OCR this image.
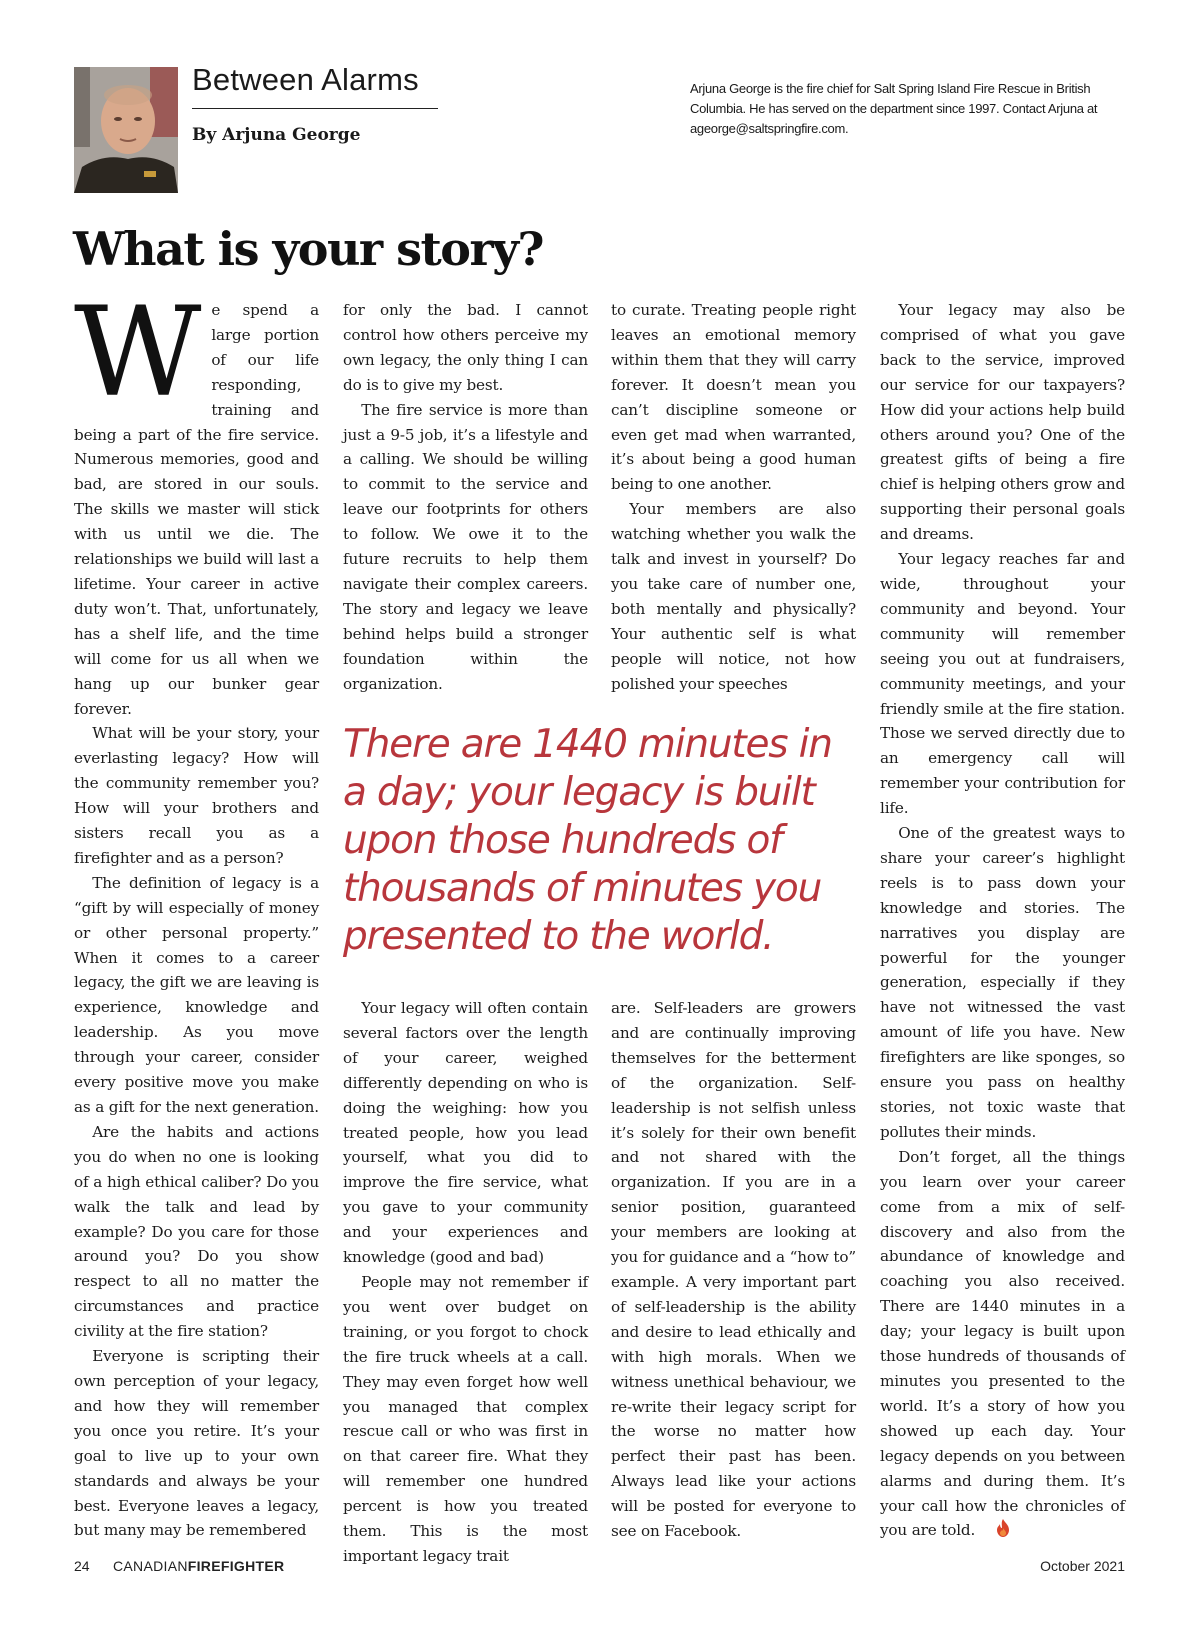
Between Alarms
By Arjuna George
Arjuna George is the fire chief for Salt Spring Island Fire Rescue in British Columbia. He has served on the department since 1997. Contact Arjuna at ageorge@saltspringfire.com.
What is your story?

We spend a large portion of our life responding, training and being a part of the fire service. Numerous memories, good and bad, are stored in our souls. The skills we master will stick with us until we die. The relationships we build will last a lifetime. Your career in active duty won’t. That, unfortunately, has a shelf life, and the time will come for us all when we hang up our bunker gear forever.

What will be your story, your everlasting legacy? How will the community remember you? How will your brothers and sisters recall you as a firefighter and as a person?

The definition of legacy is a “gift by will especially of money or other personal property.” When it comes to a career legacy, the gift we are leaving is experience, knowledge and leadership. As you move through your career, consider every positive move you make as a gift for the next generation.

Are the habits and actions you do when no one is looking of a high ethical caliber? Do you walk the talk and lead by example? Do you care for those around you? Do you show respect to all no matter the circumstances and practice civility at the fire station?

Everyone is scripting their own perception of your legacy, and how they will remember you once you retire. It’s your goal to live up to your own standards and always be your best. Everyone leaves a legacy, but many may be remembered

for only the bad. I cannot control how others perceive my own legacy, the only thing I can do is to give my best.

The fire service is more than just a 9-5 job, it’s a lifestyle and a calling. We should be willing to commit to the service and leave our footprints for others to follow. We owe it to the future recruits to help them navigate their complex careers. The story and legacy we leave behind helps build a stronger foundation within the organization.

to curate. Treating people right leaves an emotional memory within them that they will carry forever. It doesn’t mean you can’t discipline someone or even get mad when warranted, it’s about being a good human being to one another.

Your members are also watching whether you walk the talk and invest in yourself? Do you take care of number one, both mentally and physically? Your authentic self is what people will notice, not how polished your speeches

There are 1440 minutes in a day; your legacy is built upon those hundreds of thousands of minutes you presented to the world.

Your legacy will often contain several factors over the length of your career, weighed differently depending on who is doing the weighing: how you treated people, how you lead yourself, what you did to improve the fire service, what you gave to your community and your experiences and knowledge (good and bad)

People may not remember if you went over budget on training, or you forgot to chock the fire truck wheels at a call. They may even forget how well you managed that complex rescue call or who was first in on that career fire. What they will remember one hundred percent is how you treated them. This is the most important legacy trait

are. Self-leaders are growers and are continually improving themselves for the betterment of the organization. Self-leadership is not selfish unless it’s solely for their own benefit and not shared with the organization. If you are in a senior position, guaranteed your members are looking at you for guidance and a “how to” example. A very important part of self-leadership is the ability and desire to lead ethically and with high morals. When we witness unethical behaviour, we re-write their legacy script for the worse no matter how perfect their past has been. Always lead like your actions will be posted for everyone to see on Facebook.

Your legacy may also be comprised of what you gave back to the service, improved our service for our taxpayers? How did your actions help build others around you? One of the greatest gifts of being a fire chief is helping others grow and supporting their personal goals and dreams.

Your legacy reaches far and wide, throughout your community and beyond. Your community will remember seeing you out at fundraisers, community meetings, and your friendly smile at the fire station. Those we served directly due to an emergency call will remember your contribution for life.

One of the greatest ways to share your career’s highlight reels is to pass down your knowledge and stories. The narratives you display are powerful for the younger generation, especially if they have not witnessed the vast amount of life you have. New firefighters are like sponges, so ensure you pass on healthy stories, not toxic waste that pollutes their minds.

Don’t forget, all the things you learn over your career come from a mix of self-discovery and also from the abundance of knowledge and coaching you also received. There are 1440 minutes in a day; your legacy is built upon those hundreds of thousands of minutes you presented to the world. It’s a story of how you showed up each day. Your legacy depends on you between alarms and during them. It’s your call how the chronicles of you are told.

24 CANADIANFIREFIGHTER	October 2021
